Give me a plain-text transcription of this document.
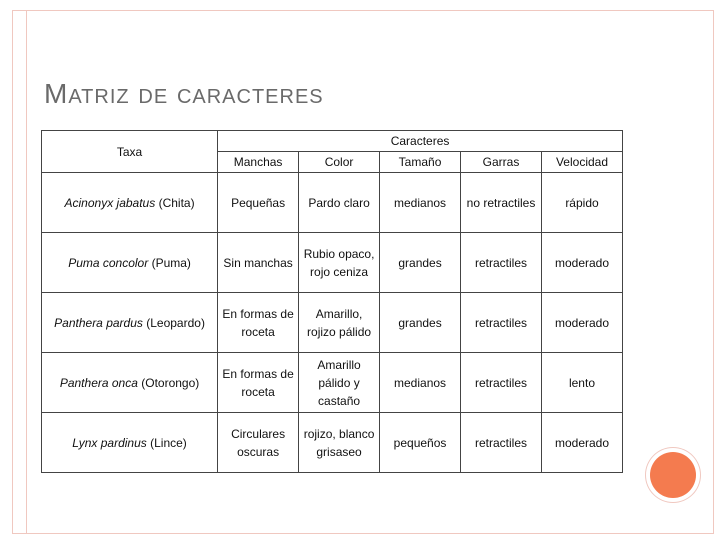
Matriz de caracteres
Taxa	Caracteres				
	Manchas	Color	Tamaño	Garras	Velocidad
Acinonyx jabatus (Chita)	Pequeñas	Pardo claro	medianos	no retractiles	rápido
Puma concolor (Puma)	Sin manchas	Rubio opaco, rojo ceniza	grandes	retractiles	moderado
Panthera pardus (Leopardo)	En formas de roceta	Amarillo, rojizo pálido	grandes	retractiles	moderado
Panthera onca (Otorongo)	En formas de roceta	Amarillo pálido y castaño	medianos	retractiles	lento
Lynx pardinus (Lince)	Circulares oscuras	rojizo, blanco grisaseo	pequeños	retractiles	moderado
